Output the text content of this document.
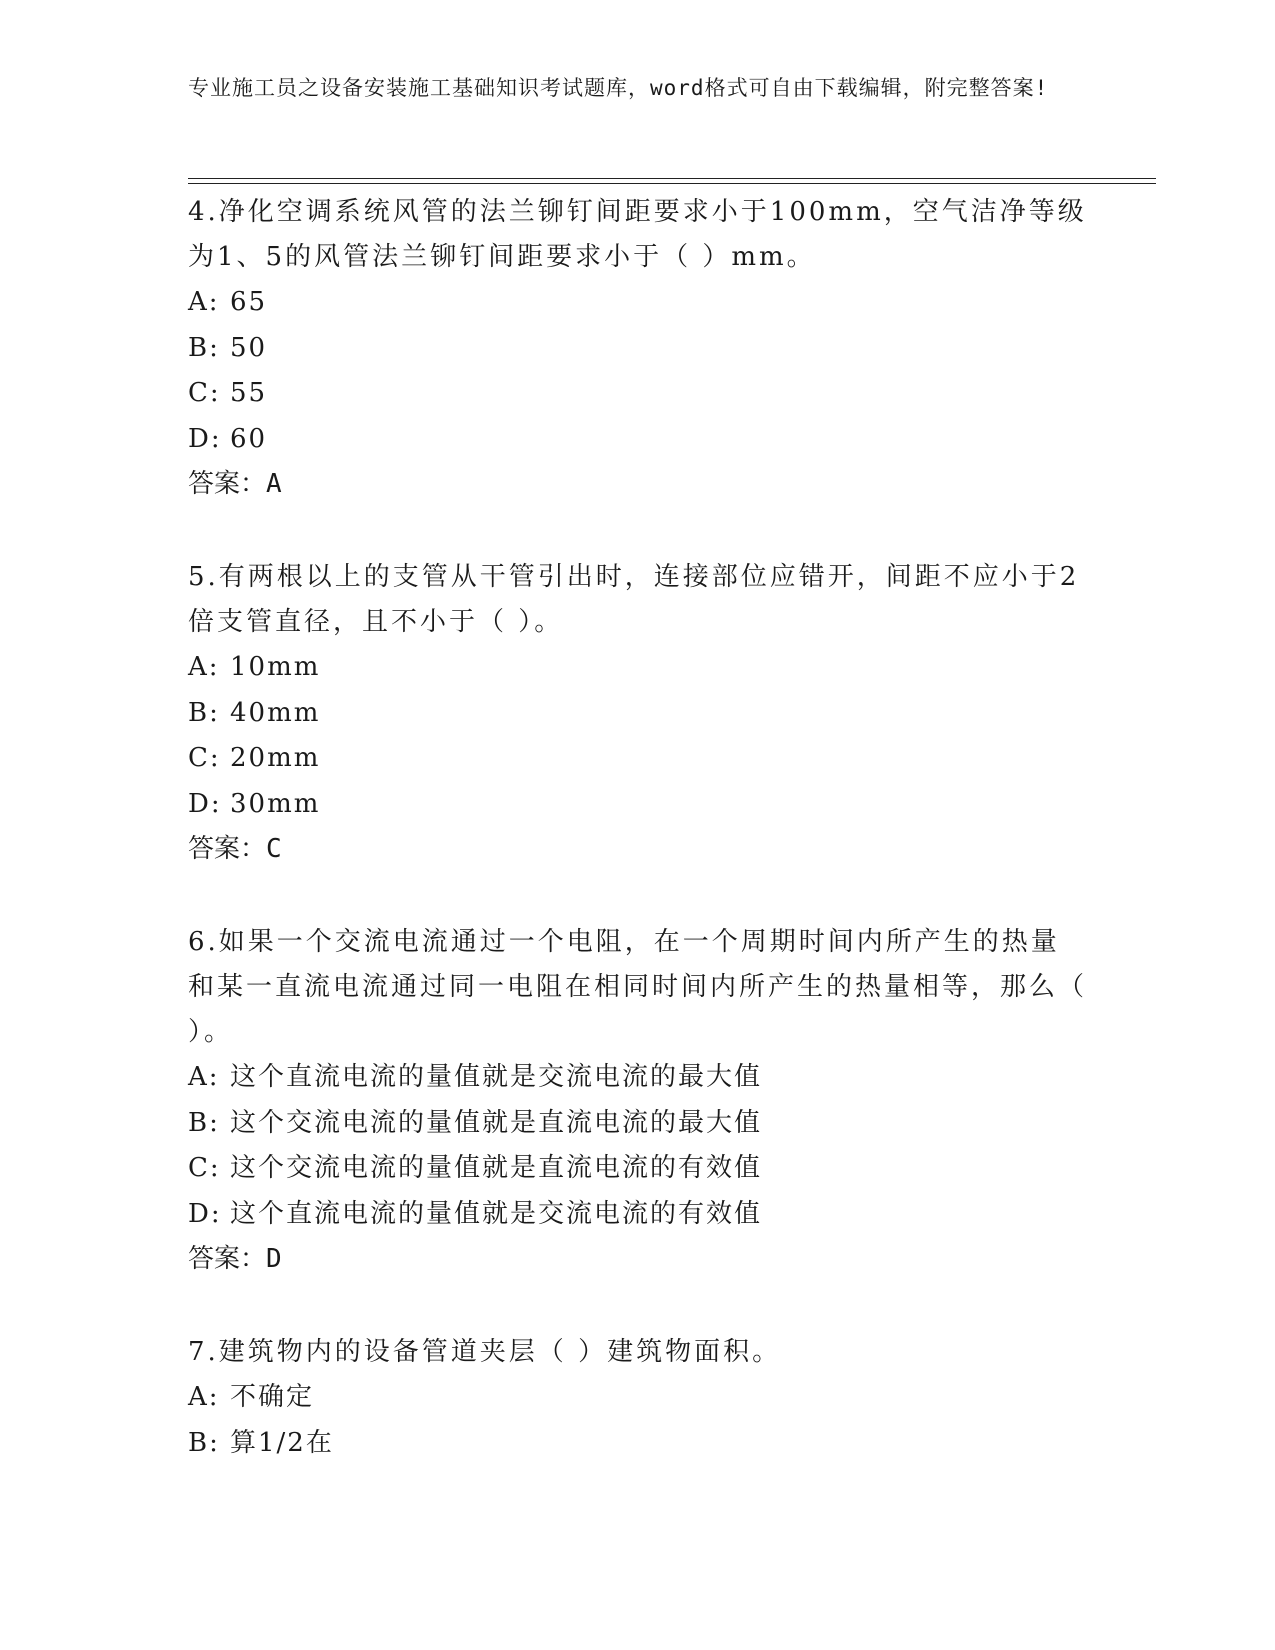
专业施工员之设备安装施工基础知识考试题库，word格式可自由下载编辑，附完整答案!

4.净化空调系统风管的法兰铆钉间距要求小于100mm，空气洁净等级为1、5的风管法兰铆钉间距要求小于（ ）mm。

A: 65

B: 50

C: 55

D: 60

答案：A

5.有两根以上的支管从干管引出时，连接部位应错开，间距不应小于2倍支管直径，且不小于（ ）。

A: 10mm

B: 40mm

C: 20mm

D: 30mm

答案：C

6.如果一个交流电流通过一个电阻，在一个周期时间内所产生的热量和某一直流电流通过同一电阻在相同时间内所产生的热量相等，那么（ ）。

A: 这个直流电流的量值就是交流电流的最大值

B: 这个交流电流的量值就是直流电流的最大值

C: 这个交流电流的量值就是直流电流的有效值

D: 这个直流电流的量值就是交流电流的有效值

答案：D

7.建筑物内的设备管道夹层（ ）建筑物面积。

A: 不确定

B: 算1/2在
